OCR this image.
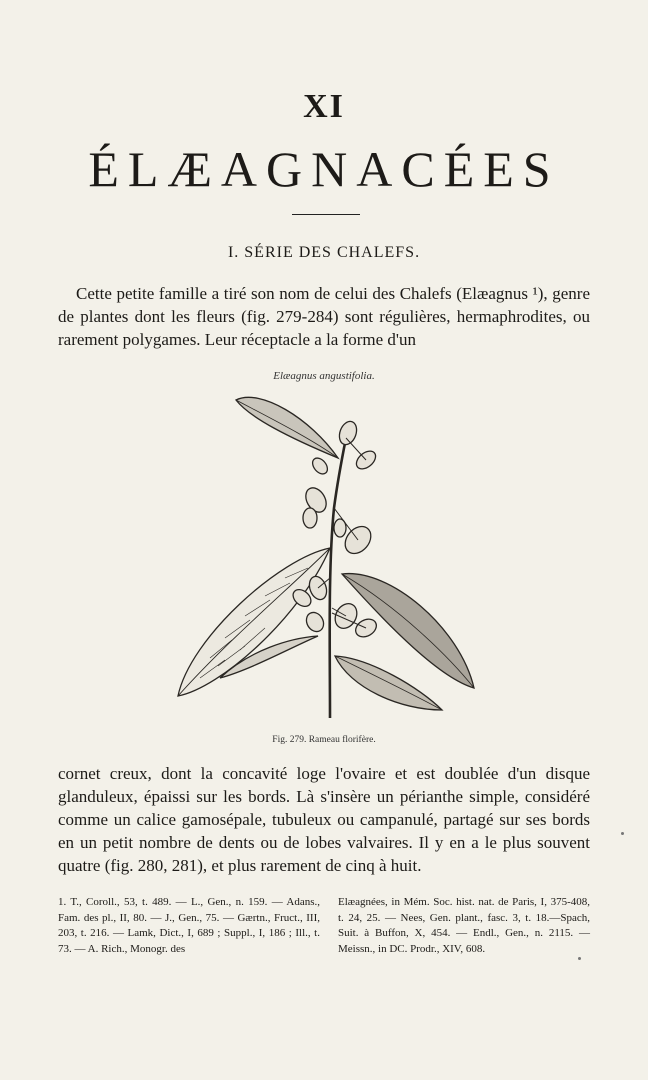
XI
ÉLÆAGNACÉES
I. SÉRIE DES CHALEFS.
Cette petite famille a tiré son nom de celui des Chalefs (Elæagnus ¹), genre de plantes dont les fleurs (fig. 279-284) sont régulières, hermaphrodites, ou rarement polygames. Leur réceptacle a la forme d'un
Elæagnus angustifolia.
Fig. 279. Rameau florifère.
cornet creux, dont la concavité loge l'ovaire et est doublée d'un disque glanduleux, épaissi sur les bords. Là s'insère un périanthe simple, considéré comme un calice gamosépale, tubuleux ou campanulé, partagé sur ses bords en un petit nombre de dents ou de lobes valvaires. Il y en a le plus souvent quatre (fig. 280, 281), et plus rarement de cinq à huit.

1. T., Coroll., 53, t. 489. — L., Gen., n. 159. — Adans., Fam. des pl., II, 80. — J., Gen., 75. — Gærtn., Fruct., III, 203, t. 216. — Lamk, Dict., I, 689 ; Suppl., I, 186 ; Ill., t. 73. — A. Rich., Monogr. des

Elæagnées, in Mém. Soc. hist. nat. de Paris, I, 375-408, t. 24, 25. — Nees, Gen. plant., fasc. 3, t. 18.—Spach, Suit. à Buffon, X, 454. — Endl., Gen., n. 2115. — Meissn., in DC. Prodr., XIV, 608.
